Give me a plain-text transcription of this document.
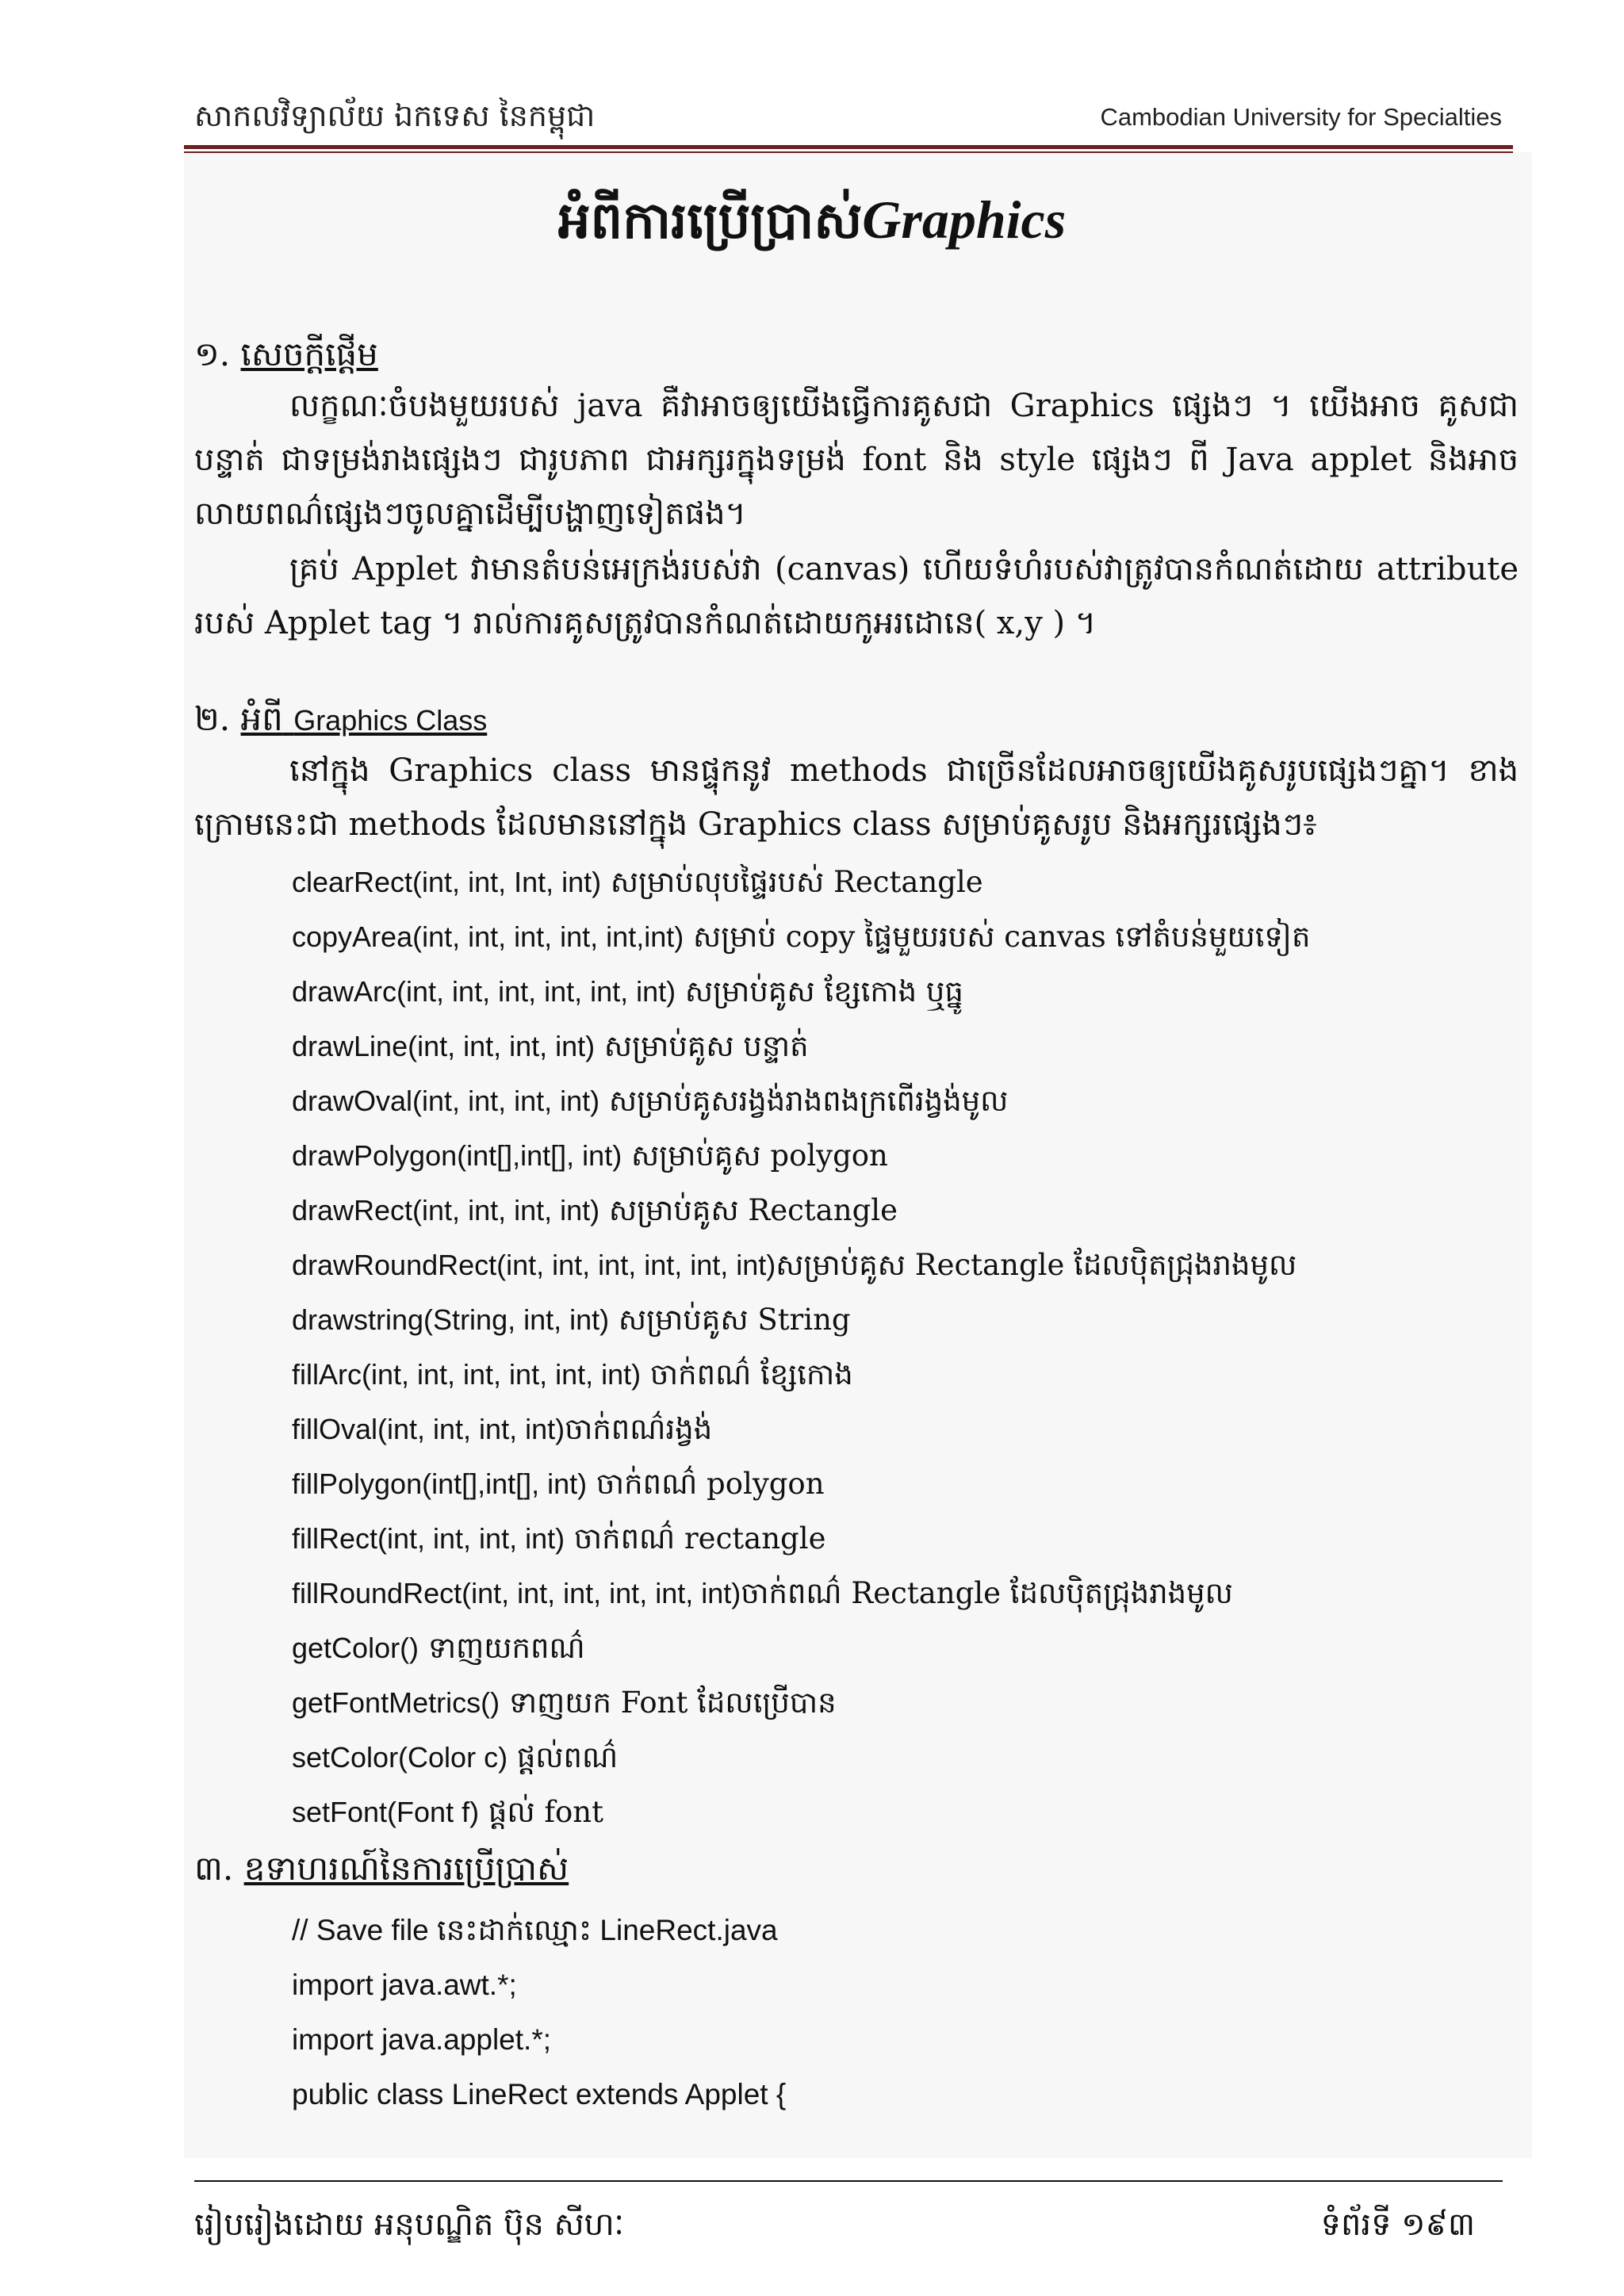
សាកលវិទ្យាល័យ ឯកទេស នៃកម្ពុជា	Cambodian University for Specialties
អំពីការប្រើប្រាស់Graphics
១. សេចក្តីផ្តើម
លក្ខណៈចំបងមួយរបស់ java គឺវាអាចឲ្យយើងធ្វើការគូសជា Graphics ផ្សេងៗ ។ យើងអាច គូសជាបន្ទាត់ ជាទម្រង់រាងផ្សេងៗ ជារូបភាព ជាអក្សរក្នុងទម្រង់ font និង style ផ្សេងៗ ពី Java applet និងអាចលាយពណ៌ផ្សេងៗចូលគ្នាដើម្បីបង្ហាញទៀតផង។
គ្រប់ Applet វាមានតំបន់អេក្រង់របស់វា (canvas) ហើយទំហំរបស់វាត្រូវបានកំណត់ដោយ attribute របស់ Applet tag ។ រាល់ការគូសត្រូវបានកំណត់ដោយកូអរដោនេ( x,y ) ។
២. អំពី Graphics Class
នៅក្នុង Graphics class មានផ្ទុកនូវ methods ជាច្រើនដែលអាចឲ្យយើងគូសរូបផ្សេងៗគ្នា។ ខាងក្រោមនេះជា methods ដែលមាននៅក្នុង Graphics class សម្រាប់គូសរូប និងអក្សរផ្សេងៗ៖
clearRect(int, int, Int, int) សម្រាប់លុបផ្ទៃរបស់ Rectangle
copyArea(int, int, int, int, int,int) សម្រាប់ copy ផ្ទៃមួយរបស់ canvas ទៅតំបន់មួយទៀត
drawArc(int, int, int, int, int, int) សម្រាប់គូស ខ្សែកោង ឬធ្នូ
drawLine(int, int, int, int) សម្រាប់គូស បន្ទាត់
drawOval(int, int, int, int) សម្រាប់គូសរង្វង់រាងពងក្រពើរង្វង់មូល
drawPolygon(int[],int[], int) សម្រាប់គូស polygon
drawRect(int, int, int, int) សម្រាប់គូស Rectangle
drawRoundRect(int, int, int, int, int, int)សម្រាប់គូស Rectangle ដែលប៉ិតជ្រុងរាងមូល
drawstring(String, int, int) សម្រាប់គូស String
fillArc(int, int, int, int, int, int) ចាក់ពណ៌ ខ្សែកោង
fillOval(int, int, int, int)ចាក់ពណ៌រង្វង់
fillPolygon(int[],int[], int) ចាក់ពណ៌ polygon
fillRect(int, int, int, int) ចាក់ពណ៌ rectangle
fillRoundRect(int, int, int, int, int, int)ចាក់ពណ៌ Rectangle ដែលប៉ិតជ្រុងរាងមូល
getColor() ទាញយកពណ៌
getFontMetrics() ទាញយក Font ដែលប្រើបាន
setColor(Color c) ផ្តល់ពណ៌
setFont(Font f) ផ្តល់ font
៣. ឧទាហរណ៍នៃការប្រើប្រាស់
// Save file នេះដាក់ឈ្មោះ LineRect.java
import java.awt.*;
import java.applet.*;
public class LineRect extends Applet {
រៀបរៀងដោយ អនុបណ្ឌិត ប៊ុន សីហៈ	ទំព័រទី ១៩៣
